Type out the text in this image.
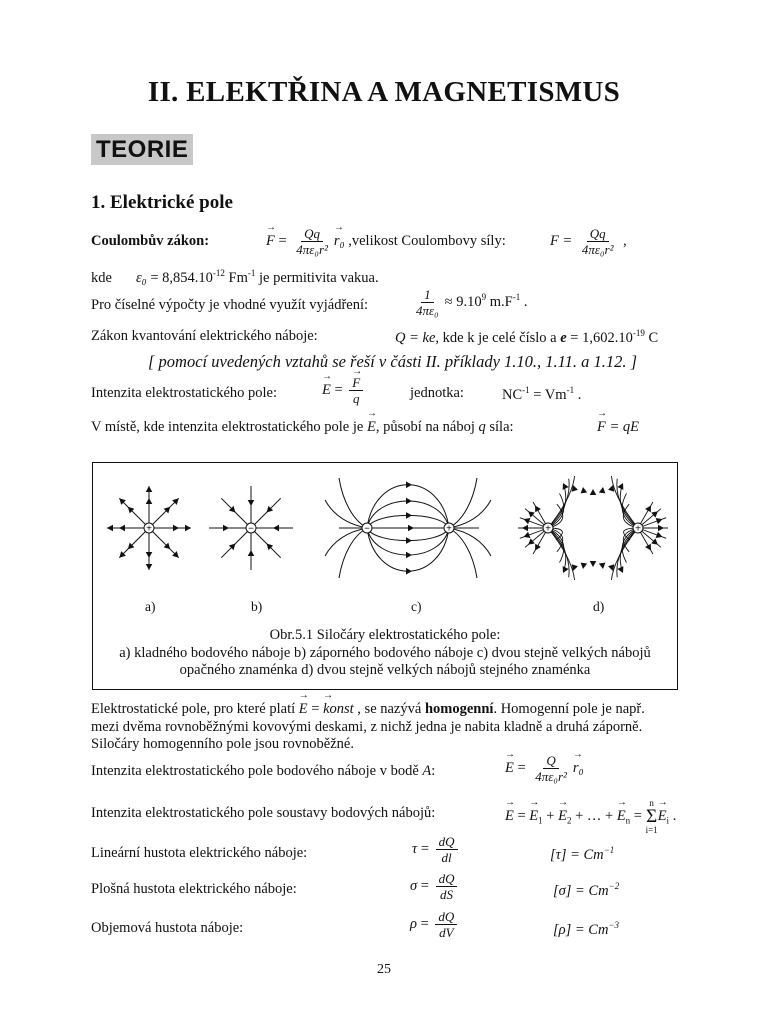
II. ELEKTŘINA A MAGNETISMUS
TEORIE
1. Elektrické pole
Coulombův zákon:
→	$F = \frac{Qq}{\text{4πε₀r²}}$
→ r₀ ,velikost Coulombovy síly:	$F = \frac{Qq}{\text{4πε₀r²}}$ ,
kde $\varepsilon_0 = 8,854.10^{-12}$ $Fm^{-1}$ je permitivita vakua.
Pro číselné výpočty je vhodné využít vyjádření:	$\frac{1}{\text{4πε₀}} \approx 9.10^9$ $m.F^{-1}$ .
Zákon kvantování elektrického náboje:	Q = ke, kde k je celé číslo a $e = 1,602.10^{-19}$ C
[ pomocí uvedených vztahů se řeší v části II. příklady 1.10., 1.11. a 1.12. ]
Intenzita elektrostatického pole:
→	E =
→ $\frac{F}{q}$	jednotka:	$NC^{-1} = Vm^{-1}$ .
V místě, kde intenzita elektrostatického pole je → E, působí na náboj q síla:
→	F = qE
+	−	−	+	+	+
a)	b)	c)	d)
Obr.5.1 Siločáry elektrostatického pole:
a) kladného bodového náboje b) záporného bodového náboje c) dvou stejně velkých nábojů
opačného znaménka d) dvou stejně velkých nábojů stejného znaménka
Elektrostatické pole, pro které platí → E = → konst , se nazývá homogenní. Homogenní pole je např.
mezi dvěma rovnoběžnými kovovými deskami, z nichž jedna je nabita kladně a druhá záporně.
Siločáry homogenního pole jsou rovnoběžné.
Intenzita elektrostatického pole bodového náboje v bodě A:
→	$E = \frac{Q}{\text{4πε₀r²}}$
→ r₀
Intenzita elektrostatického pole soustavy bodových nábojů:
→	E = → $E_1$ + → $E_2$ + … + → $E_n$ =
n
Σ
i=1
→ $E_i$ .
Lineární hustota elektrického náboje:	$\tau = \frac{dQ}{dl}$	$[\tau] = Cm^{-1}$
Plošná hustota elektrického náboje:	$\sigma = \frac{dQ}{dS}$	$[\sigma] = Cm^{-2}$
Objemová hustota náboje:	$\rho = \frac{dQ}{dV}$	$[\rho] = Cm^{-3}$
25
